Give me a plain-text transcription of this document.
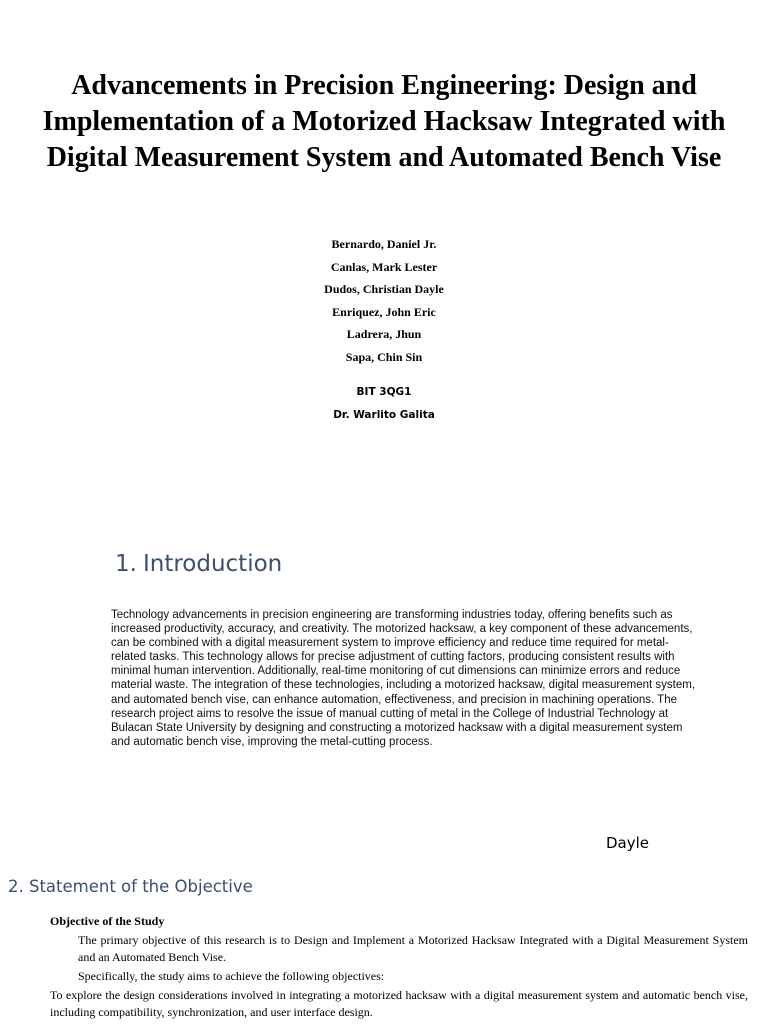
Advancements in Precision Engineering: Design and Implementation of a Motorized Hacksaw Integrated with Digital Measurement System and Automated Bench Vise
Bernardo, Daniel Jr.
Canlas, Mark Lester
Dudos, Christian Dayle
Enriquez, John Eric
Ladrera, Jhun
Sapa, Chin Sin
BIT 3QG1
Dr. Warlito Galita
1. Introduction

Technology advancements in precision engineering are transforming industries today, offering benefits such as increased productivity, accuracy, and creativity. The motorized hacksaw, a key component of these advancements, can be combined with a digital measurement system to improve efficiency and reduce time required for metal-related tasks. This technology allows for precise adjustment of cutting factors, producing consistent results with minimal human intervention. Additionally, real-time monitoring of cut dimensions can minimize errors and reduce material waste. The integration of these technologies, including a motorized hacksaw, digital measurement system, and automated bench vise, can enhance automation, effectiveness, and precision in machining operations. The research project aims to resolve the issue of manual cutting of metal in the College of Industrial Technology at Bulacan State University by designing and constructing a motorized hacksaw with a digital measurement system and automatic bench vise, improving the metal-cutting process.

Dayle
2. Statement of the Objective
Objective of the Study

The primary objective of this research is to Design and Implement a Motorized Hacksaw Integrated with a Digital Measurement System and an Automated Bench Vise.

Specifically, the study aims to achieve the following objectives:

To explore the design considerations involved in integrating a motorized hacksaw with a digital measurement system and automatic bench vise, including compatibility, synchronization, and user interface design.
